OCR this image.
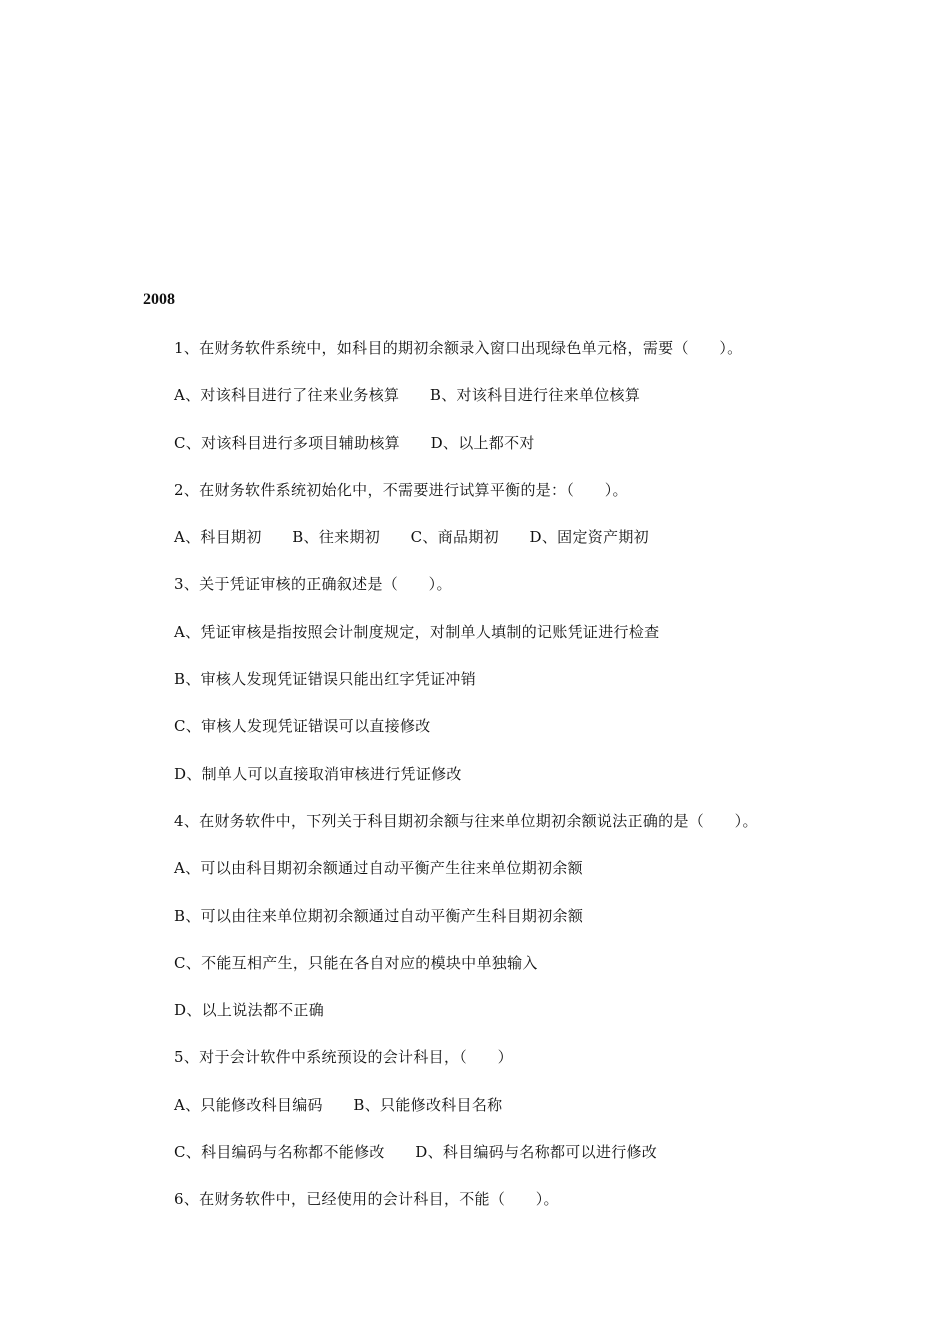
2008
1、在财务软件系统中，如科目的期初余额录入窗口出现绿色单元格，需要（　　）。
A、对该科目进行了往来业务核算　　B、对该科目进行往来单位核算
C、对该科目进行多项目辅助核算　　D、以上都不对
2、在财务软件系统初始化中，不需要进行试算平衡的是：（　　）。
A、科目期初　　B、往来期初　　C、商品期初　　D、固定资产期初
3、关于凭证审核的正确叙述是（　　）。
A、凭证审核是指按照会计制度规定，对制单人填制的记账凭证进行检查
B、审核人发现凭证错误只能出红字凭证冲销
C、审核人发现凭证错误可以直接修改
D、制单人可以直接取消审核进行凭证修改
4、在财务软件中，下列关于科目期初余额与往来单位期初余额说法正确的是（　　）。
A、可以由科目期初余额通过自动平衡产生往来单位期初余额
B、可以由往来单位期初余额通过自动平衡产生科目期初余额
C、不能互相产生，只能在各自对应的模块中单独输入
D、以上说法都不正确
5、对于会计软件中系统预设的会计科目，（　　）
A、只能修改科目编码　　B、只能修改科目名称
C、科目编码与名称都不能修改　　D、科目编码与名称都可以进行修改
6、在财务软件中，已经使用的会计科目，不能（　　）。
